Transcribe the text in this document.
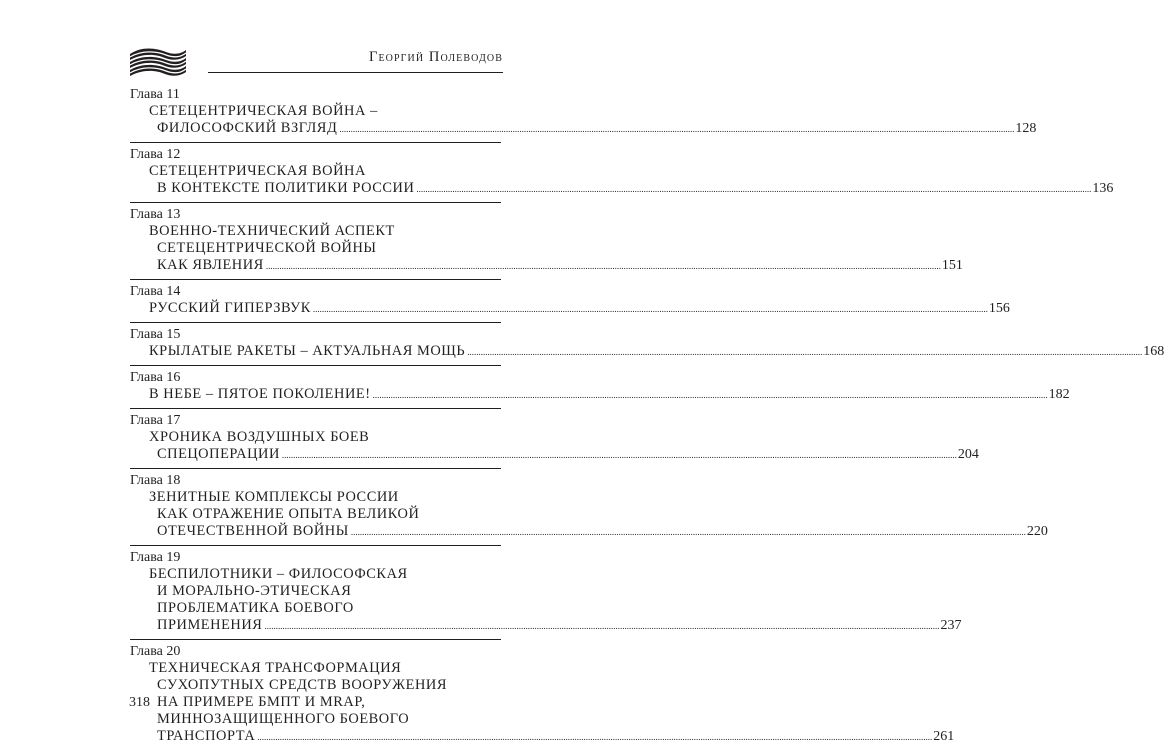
Георгий Полеводов
Глава 11
СЕТЕЦЕНТРИЧЕСКАЯ ВОЙНА –
ФИЛОСОФСКИЙ ВЗГЛЯД ............................................................................................................................................................................................................................................................................................................ 128
Глава 12
СЕТЕЦЕНТРИЧЕСКАЯ ВОЙНА
В КОНТЕКСТЕ ПОЛИТИКИ РОССИИ ............................................................................................................................................................................................................................................................................................................ 136
Глава 13
ВОЕННО-ТЕХНИЧЕСКИЙ АСПЕКТ
СЕТЕЦЕНТРИЧЕСКОЙ ВОЙНЫ
КАК ЯВЛЕНИЯ ............................................................................................................................................................................................................................................................................................................ 151
Глава 14
РУССКИЙ ГИПЕРЗВУК ............................................................................................................................................................................................................................................................................................................ 156
Глава 15
КРЫЛАТЫЕ РАКЕТЫ – АКТУАЛЬНАЯ МОЩЬ ............................................................................................................................................................................................................................................................................................................ 168
Глава 16
В НЕБЕ – ПЯТОЕ ПОКОЛЕНИЕ! ............................................................................................................................................................................................................................................................................................................ 182
Глава 17
ХРОНИКА ВОЗДУШНЫХ БОЕВ
СПЕЦОПЕРАЦИИ ............................................................................................................................................................................................................................................................................................................ 204
Глава 18
ЗЕНИТНЫЕ КОМПЛЕКСЫ РОССИИ
КАК ОТРАЖЕНИЕ ОПЫТА ВЕЛИКОЙ
ОТЕЧЕСТВЕННОЙ ВОЙНЫ ............................................................................................................................................................................................................................................................................................................ 220
Глава 19
БЕСПИЛОТНИКИ – ФИЛОСОФСКАЯ
И МОРАЛЬНО-ЭТИЧЕСКАЯ
ПРОБЛЕМАТИКА БОЕВОГО
ПРИМЕНЕНИЯ ............................................................................................................................................................................................................................................................................................................ 237
Глава 20
ТЕХНИЧЕСКАЯ ТРАНСФОРМАЦИЯ
СУХОПУТНЫХ СРЕДСТВ ВООРУЖЕНИЯ
НА ПРИМЕРЕ БМПТ И MRAP,
МИННОЗАЩИЩЕННОГО БОЕВОГО
ТРАНСПОРТА ............................................................................................................................................................................................................................................................................................................ 261
318
